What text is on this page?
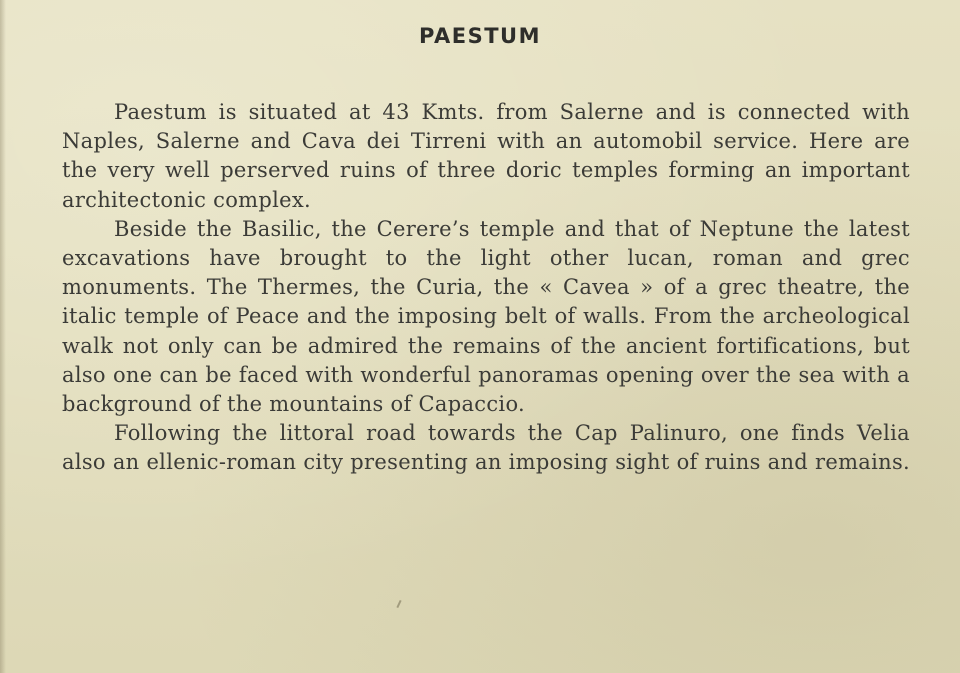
PAESTUM

Paestum is situated at 43 Kmts. from Salerne and is connected with Naples, Salerne and Cava dei Tirreni with an automobil service. Here are the very well perserved ruins of three doric temples forming an important architectonic complex.

Beside the Basilic, the Cerere’s temple and that of Neptune the latest excavations have brought to the light other lucan, roman and grec monuments. The Thermes, the Curia, the « Cavea » of a grec theatre, the italic temple of Peace and the imposing belt of walls. From the archeological walk not only can be admired the remains of the ancient fortifications, but also one can be faced with wonderful panoramas opening over the sea with a background of the mountains of Capaccio.

Following the littoral road towards the Cap Palinuro, one finds Velia also an ellenic-roman city presenting an imposing sight of ruins and remains.
